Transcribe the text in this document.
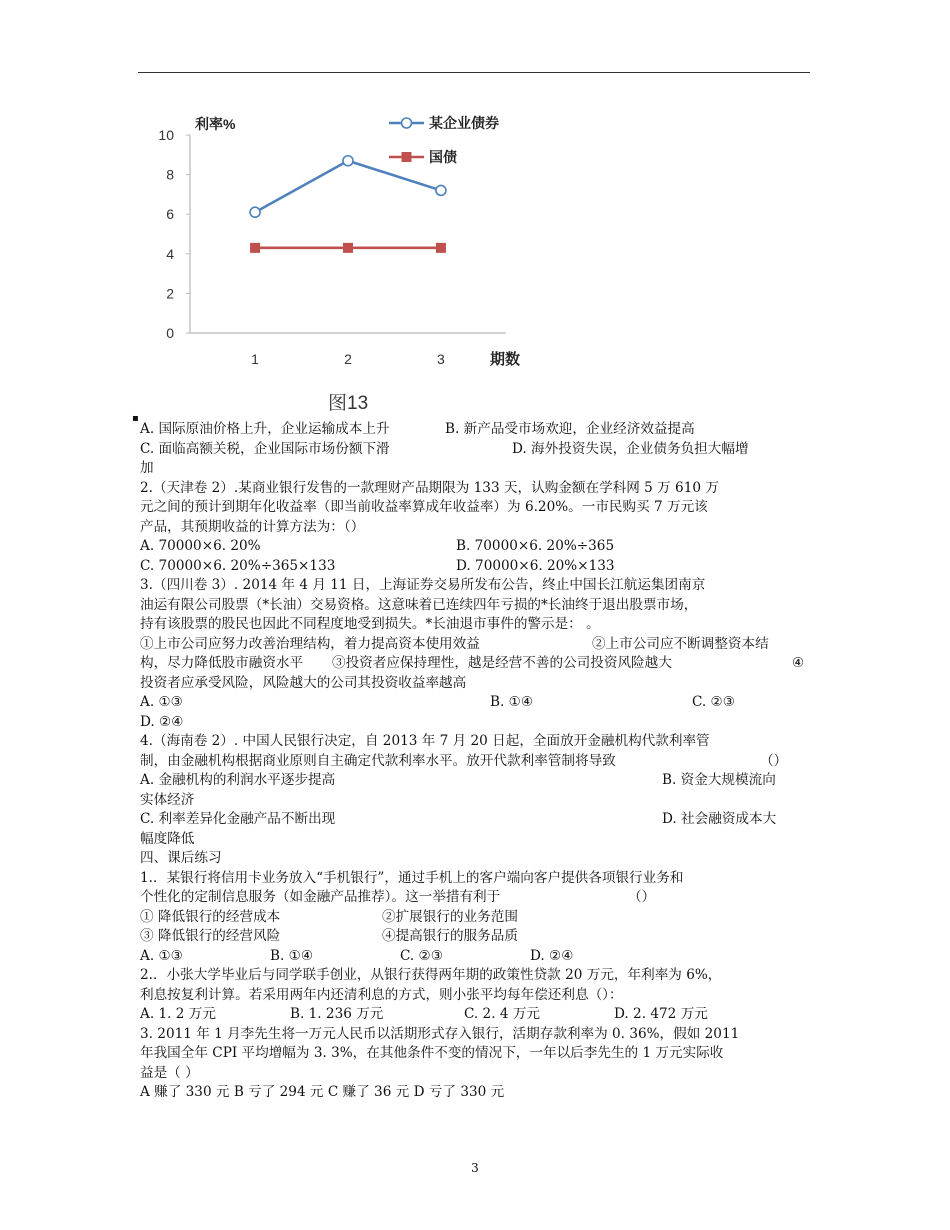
0
2
4
6
8
10
1	2	3
某企业债券
国债
利率%
期数
图13
▪
A. 国际原油价格上升，企业运输成本上升	B. 新产品受市场欢迎，企业经济效益提高
C. 面临高额关税，企业国际市场份额下滑	D. 海外投资失误，企业债务负担大幅增
加
2.（天津卷 2）.某商业银行发售的一款理财产品期限为 133 天，认购金额在学科网 5 万 610 万
元之间的预计到期年化收益率（即当前收益率算成年收益率）为 6.20%。一市民购买 7 万元该
产品，其预期收益的计算方法为：（）
A. 70000×6. 20%	B. 70000×6. 20%÷365
C. 70000×6. 20%÷365×133	D. 70000×6. 20%×133
3.（四川卷 3）. 2014 年 4 月 11 日，上海证券交易所发布公告，终止中国长江航运集团南京
油运有限公司股票（*长油）交易资格。这意味着已连续四年亏损的*长油终于退出股票市场，
持有该股票的股民也因此不同程度地受到损失。*长油退市事件的警示是： 。
①上市公司应努力改善治理结构，着力提高资本使用效益	②上市公司应不断调整资本结
构，尽力降低股市融资水平 ③投资者应保持理性，越是经营不善的公司投资风险越大	④
投资者应承受风险，风险越大的公司其投资收益率越高
A. ①③	B. ①④	C. ②③
D. ②④
4.（海南卷 2）. 中国人民银行决定，自 2013 年 7 月 20 日起，全面放开金融机构代款利率管
制，由金融机构根据商业原则自主确定代款利率水平。放开代款利率管制将导致	（）
A. 金融机构的利润水平逐步提高	B. 资金大规模流向
实体经济
C. 利率差异化金融产品不断出现	D. 社会融资成本大
幅度降低
四、课后练习
1.．某银行将信用卡业务放入“手机银行”，通过手机上的客户端向客户提供各项银行业务和
个性化的定制信息服务（如金融产品推荐）。这一举措有利于	（）
① 降低银行的经营成本	②扩展银行的业务范围
③ 降低银行的经营风险	④提高银行的服务品质
A. ①③	B. ①④	C. ②③	D. ②④
2.．小张大学毕业后与同学联手创业，从银行获得两年期的政策性贷款 20 万元，年利率为 6%，
利息按复利计算。若采用两年内还清利息的方式，则小张平均每年偿还利息（）：
A. 1. 2 万元	B. 1. 236 万元	C. 2. 4 万元	D. 2. 472 万元
3. 2011 年 1 月李先生将一万元人民币以活期形式存入银行，活期存款利率为 0. 36%，假如 2011
年我国全年 CPI 平均增幅为 3. 3%，在其他条件不变的情况下，一年以后李先生的 1 万元实际收
益是（ ）
A 赚了 330 元 B 亏了 294 元 C 赚了 36 元 D 亏了 330 元
3
